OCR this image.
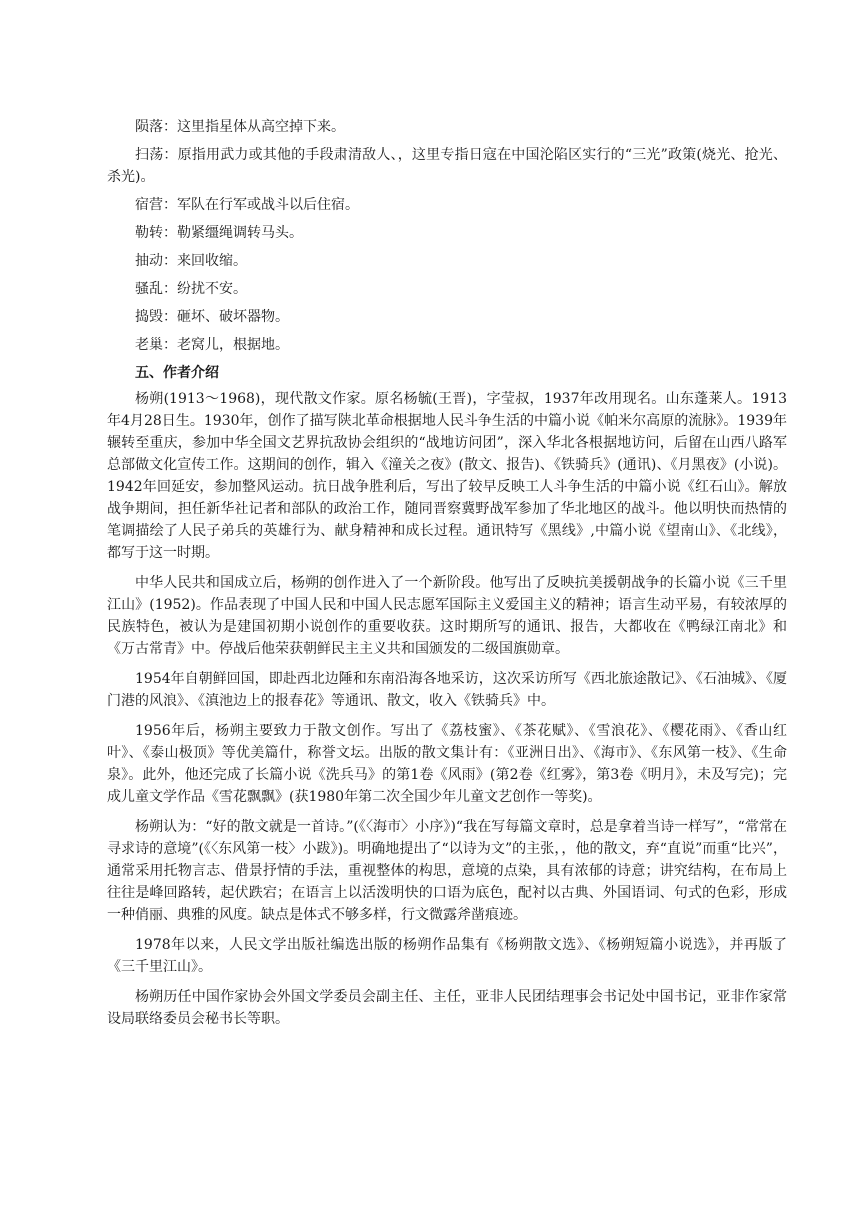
陨落：这里指星体从高空掉下来。

扫荡：原指用武力或其他的手段肃清敌人、，这里专指日寇在中国沦陷区实行的“三光”政策(烧光、抢光、杀光)。

宿营：军队在行军或战斗以后住宿。

勒转：勒紧缰绳调转马头。

抽动：来回收缩。

骚乱：纷扰不安。

捣毁：砸坏、破坏器物。

老巢：老窝儿，根据地。

五、作者介绍

杨朔(1913～1968)，现代散文作家。原名杨毓(王晋)，字莹叔，1937年改用现名。山东蓬莱人。1913年4月28日生。1930年，创作了描写陕北革命根据地人民斗争生活的中篇小说《帕米尔高原的流脉》。1939年辗转至重庆，参加中华全国文艺界抗敌协会组织的“战地访问团”，深入华北各根据地访问，后留在山西八路军总部做文化宣传工作。这期间的创作，辑入《潼关之夜》(散文、报告)、《铁骑兵》(通讯)、《月黑夜》(小说)。1942年回延安，参加整风运动。抗日战争胜利后，写出了较早反映工人斗争生活的中篇小说《红石山》。解放战争期间，担任新华社记者和部队的政治工作，随同晋察冀野战军参加了华北地区的战斗。他以明快而热情的笔调描绘了人民子弟兵的英雄行为、献身精神和成长过程。通讯特写《黑线》,中篇小说《望南山》、《北线》，都写于这一时期。

中华人民共和国成立后，杨朔的创作进入了一个新阶段。他写出了反映抗美援朝战争的长篇小说《三千里江山》(1952)。作品表现了中国人民和中国人民志愿军国际主义爱国主义的精神；语言生动平易，有较浓厚的民族特色，被认为是建国初期小说创作的重要收获。这时期所写的通讯、报告，大都收在《鸭绿江南北》和《万古常青》中。停战后他荣获朝鲜民主主义共和国颁发的二级国旗勋章。

1954年自朝鲜回国，即赴西北边陲和东南沿海各地采访，这次采访所写《西北旅途散记》、《石油城》、《厦门港的风浪》、《滇池边上的报春花》等通讯、散文，收入《铁骑兵》中。

1956年后，杨朔主要致力于散文创作。写出了《荔枝蜜》、《茶花赋》、《雪浪花》、《樱花雨》、《香山红叶》、《泰山极顶》等优美篇什，称誉文坛。出版的散文集计有：《亚洲日出》、《海市》、《东风第一枝》、《生命泉》。此外，他还完成了长篇小说《洗兵马》的第1卷《风雨》(第2卷《红雾》，第3卷《明月》，未及写完)；完成儿童文学作品《雪花飘飘》(获1980年第二次全国少年儿童文艺创作一等奖)。

杨朔认为：“好的散文就是一首诗。”(《〈海市〉小序》)“我在写每篇文章时，总是拿着当诗一样写”，“常常在寻求诗的意境”(《〈东风第一枝〉小跋》)。明确地提出了“以诗为文”的主张，，他的散文，弃“直说”而重“比兴”，通常采用托物言志、借景抒情的手法，重视整体的构思，意境的点染，具有浓郁的诗意；讲究结构，在布局上往往是峰回路转，起伏跌宕；在语言上以活泼明快的口语为底色，配衬以古典、外国语词、句式的色彩，形成一种俏丽、典雅的风度。缺点是体式不够多样，行文微露斧凿痕迹。

1978年以来，人民文学出版社编选出版的杨朔作品集有《杨朔散文选》、《杨朔短篇小说选》，并再版了《三千里江山》。

杨朔历任中国作家协会外国文学委员会副主任、主任，亚非人民团结理事会书记处中国书记，亚非作家常设局联络委员会秘书长等职。
